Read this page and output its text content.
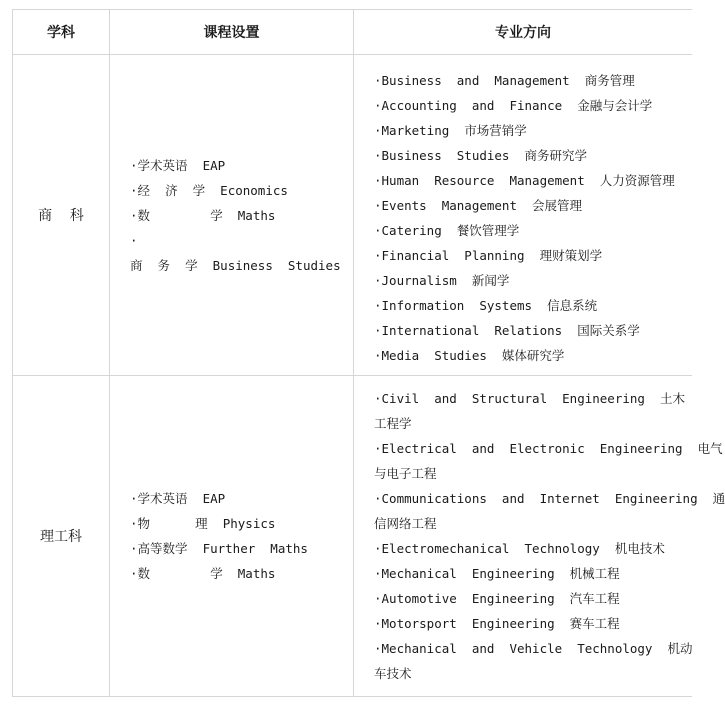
学科	课程设置	专业方向
商    科
·学术英语  EAP
·经  济  学  Economics
·数        学  Maths
·
商  务  学  Business  Studies
·Business  and  Management  商务管理
·Accounting  and  Finance  金融与会计学
·Marketing  市场营销学
·Business  Studies  商务研究学
·Human  Resource  Management  人力资源管理
·Events  Management  会展管理
·Catering  餐饮管理学
·Financial  Planning  理财策划学
·Journalism  新闻学
·Information  Systems  信息系统
·International  Relations  国际关系学
·Media  Studies  媒体研究学
理工科
·学术英语  EAP
·物      理  Physics
·高等数学  Further  Maths
·数        学  Maths
·Civil  and  Structural  Engineering  土木
工程学
·Electrical  and  Electronic  Engineering  电气
与电子工程
·Communications  and  Internet  Engineering  通
信网络工程
·Electromechanical  Technology  机电技术
·Mechanical  Engineering  机械工程
·Automotive  Engineering  汽车工程
·Motorsport  Engineering  赛车工程
·Mechanical  and  Vehicle  Technology  机动
车技术
